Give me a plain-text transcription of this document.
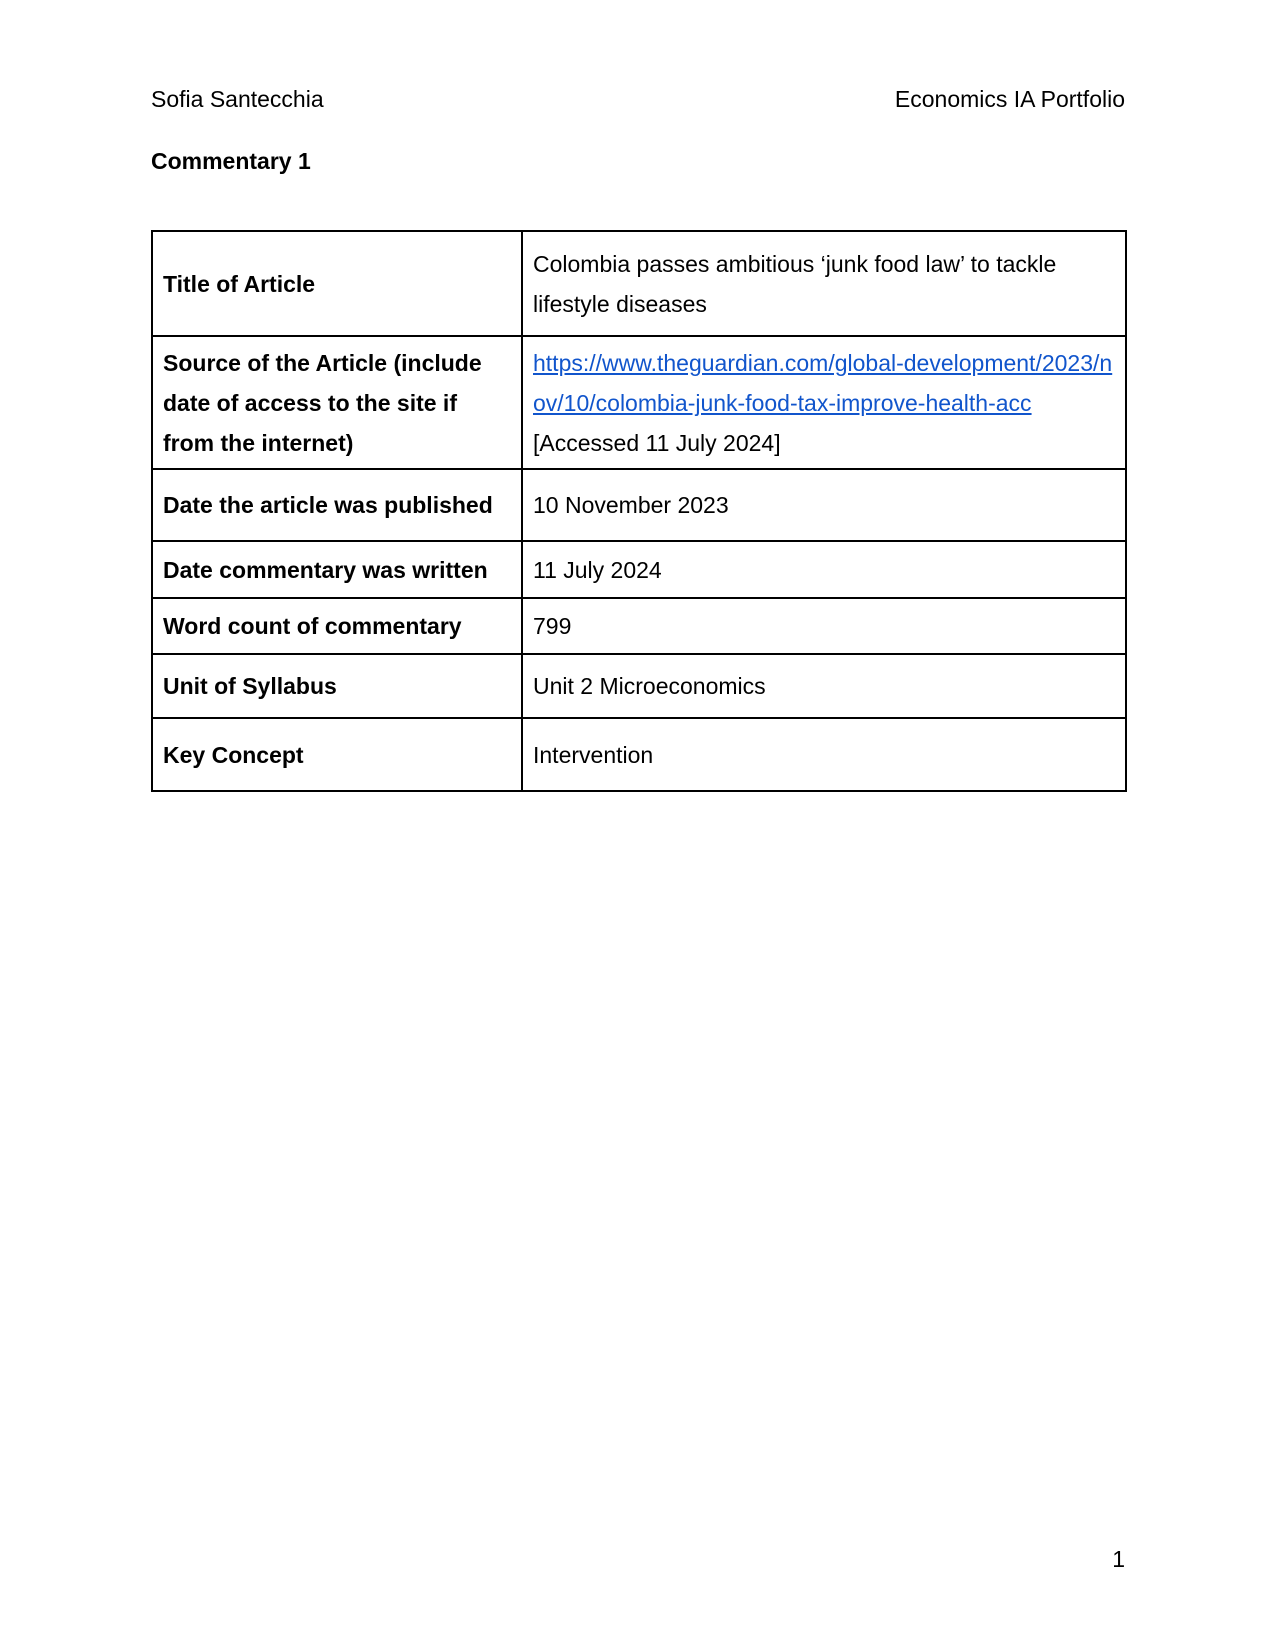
Sofia Santecchia	Economics IA Portfolio
Commentary 1
Title of Article	Colombia passes ambitious ‘junk food law’ to tackle lifestyle diseases
Source of the Article (include date of access to the site if from the internet)	https://www.theguardian.com/global-development/2023/n
ov/10/colombia-junk-food-tax-improve-health-acc
[Accessed 11 July 2024]

Date the article was published	10 November 2023
Date commentary was written	11 July 2024
Word count of commentary	799
Unit of Syllabus	Unit 2 Microeconomics
Key Concept	Intervention
1
